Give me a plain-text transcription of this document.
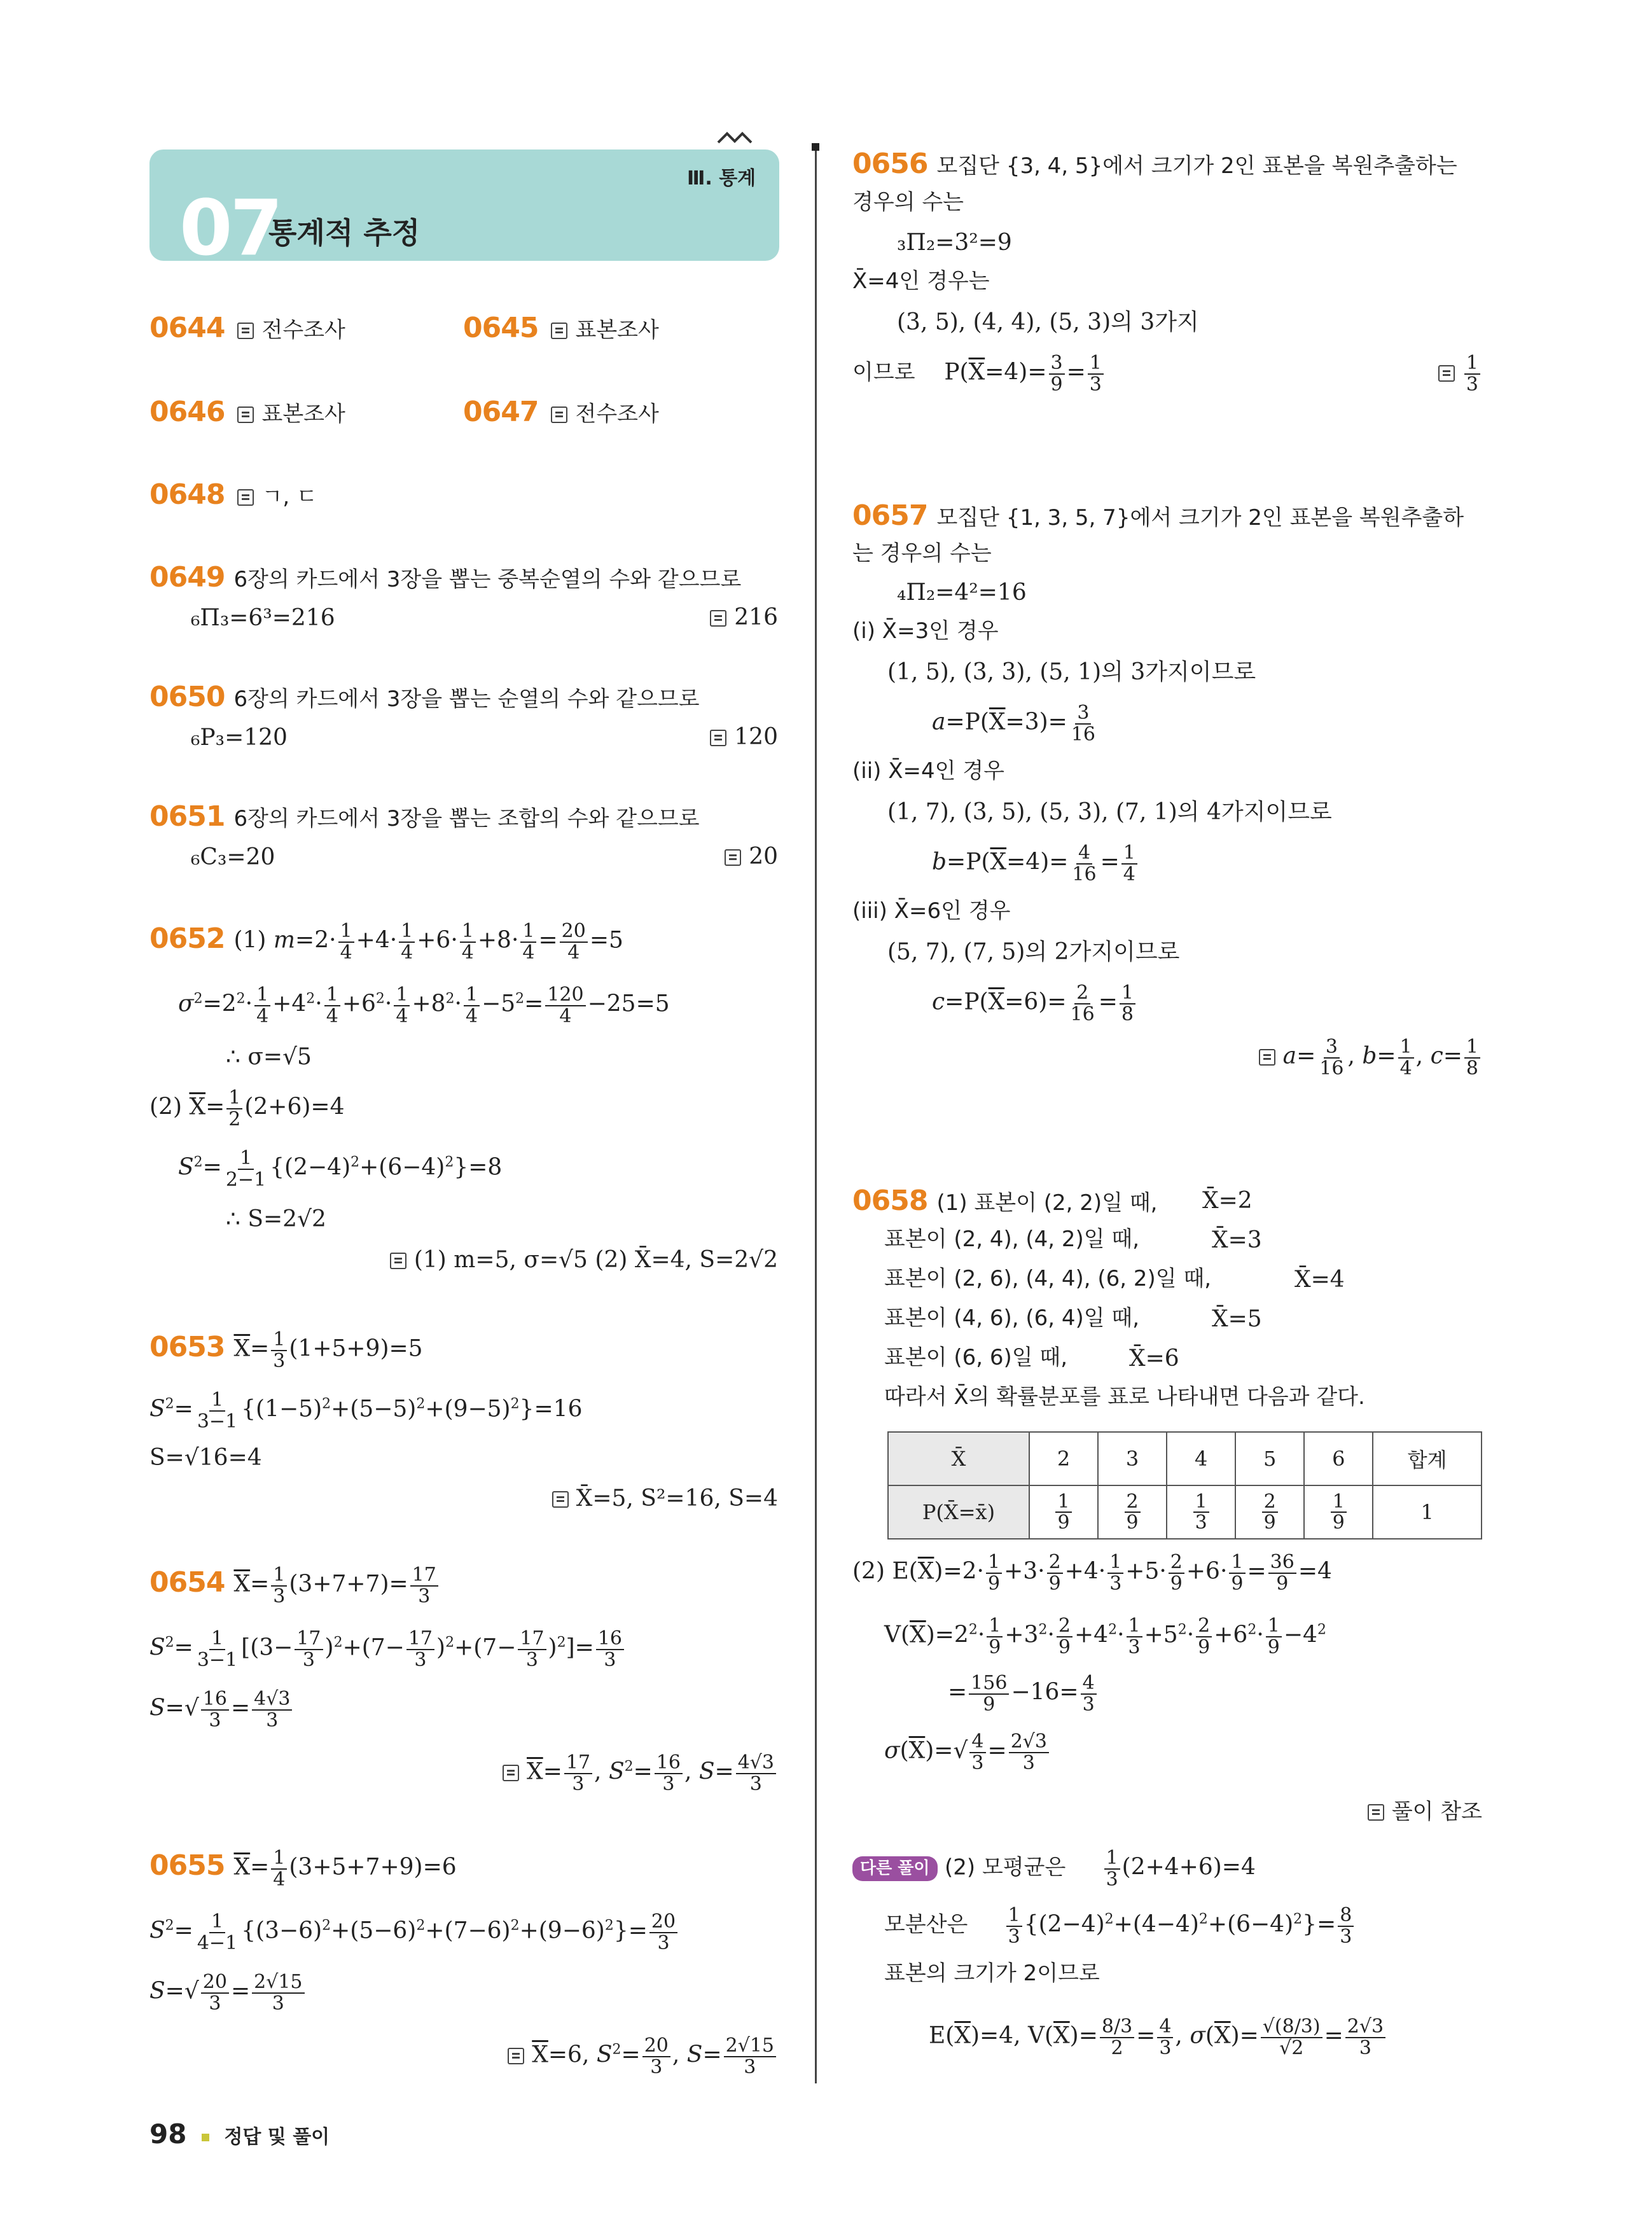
Ⅲ. 통계
07
통계적 추정
0644 전수조사	0645 표본조사
0646 표본조사	0647 전수조사
0648 ㄱ, ㄷ
0649 6장의 카드에서 3장을 뽑는 중복순열의 수와 같으므로
₆Π₃=6³=216	216
0650 6장의 카드에서 3장을 뽑는 순열의 수와 같으므로
₆P₃=120	120
0651 6장의 카드에서 3장을 뽑는 조합의 수와 같으므로
₆C₃=20	20
0652 (1) $m=2\cdot \frac{1}{4} +4\cdot \frac{1}{4} +6\cdot \frac{1}{4} +8\cdot \frac{1}{4} = \frac{20}{4} =5$
$\sigma^2=2^2\cdot \frac{1}{4} +4^2\cdot \frac{1}{4} +6^2\cdot \frac{1}{4} +8^2\cdot \frac{1}{4} -5^2= \frac{120}{4} -25=5$
∴ σ=√5
(2) $\overline{X}= \frac{1}{2} (2+6)=4$
$S^2= \frac{1}{2-1} \{(2-4)^2+(6-4)^2\}=8$
∴ S=2√2
(1) m=5, σ=√5 (2) X̄=4, S=2√2
0653 $\overline{X}= \frac{1}{3} (1+5+9)=5$
$S^2= \frac{1}{3-1} \{(1-5)^2+(5-5)^2+(9-5)^2\}=16$
S=√16=4
X̄=5, S²=16, S=4
0654 $\overline{X}= \frac{1}{3} (3+7+7)= \frac{17}{3}$
$S^2= \frac{1}{3-1} [(3- \frac{17}{3} )^2+(7- \frac{17}{3} )^2+(7- \frac{17}{3} )^2]= \frac{16}{3}$
$S=√ \frac{16}{3} = \frac{4√3}{3}$
$\overline{X}= \frac{17}{3}$ , $S^2= \frac{16}{3}$ , $S= \frac{4√3}{3}$
0655 $\overline{X}= \frac{1}{4} (3+5+7+9)=6$
$S^2= \frac{1}{4-1} \{(3-6)^2+(5-6)^2+(7-6)^2+(9-6)^2\}= \frac{20}{3}$
$S=√ \frac{20}{3} = \frac{2√15}{3}$
$\overline{X}=6$, $S^2= \frac{20}{3}$ , $S= \frac{2√15}{3}$
98 정답 및 풀이
0656 모집단 {3, 4, 5}에서 크기가 2인 표본을 복원추출하는
경우의 수는
₃Π₂=3²=9
X̄=4인 경우는
(3, 5), (4, 4), (5, 3)의 3가지
이므로    $P(\overline{X}=4)= \frac{3}{9} = \frac{1}{3}$	$\frac{1}{3}$
0657 모집단 {1, 3, 5, 7}에서 크기가 2인 표본을 복원추출하
는 경우의 수는
₄Π₂=4²=16
(i) X̄=3인 경우
(1, 5), (3, 3), (5, 1)의 3가지이므로
$a=P(\overline{X}=3)= \frac{3}{16}$
(ii) X̄=4인 경우
(1, 7), (3, 5), (5, 3), (7, 1)의 4가지이므로
$b=P(\overline{X}=4)= \frac{4}{16} = \frac{1}{4}$
(iii) X̄=6인 경우
(5, 7), (7, 5)의 2가지이므로
$c=P(\overline{X}=6)= \frac{2}{16} = \frac{1}{8}$
$a= \frac{3}{16}$ , $b= \frac{1}{4}$ , $c= \frac{1}{8}$
0658 (1) 표본이 (2, 2)일 때, X̄=2
표본이 (2, 4), (4, 2)일 때,	X̄=3
표본이 (2, 6), (4, 4), (6, 2)일 때,	X̄=4
표본이 (4, 6), (6, 4)일 때,	X̄=5
표본이 (6, 6)일 때,	X̄=6
따라서 X̄의 확률분포를 표로 나타내면 다음과 같다.
X̄	2	3	4	5	6	합계
P(X̄=x̄)	$\frac{1}{9}$	$\frac{2}{9}$	$\frac{1}{3}$	$\frac{2}{9}$	$\frac{1}{9}$	1
(2) $E(\overline{X})=2\cdot \frac{1}{9} +3\cdot \frac{2}{9} +4\cdot \frac{1}{3} +5\cdot \frac{2}{9} +6\cdot \frac{1}{9} = \frac{36}{9} =4$
$V(\overline{X})=2^2\cdot \frac{1}{9} +3^2\cdot \frac{2}{9} +4^2\cdot \frac{1}{3} +5^2\cdot \frac{2}{9} +6^2\cdot \frac{1}{9} -4^2$
= $\frac{156}{9} -16= \frac{4}{3}$
$\sigma(\overline{X})=√ \frac{4}{3} = \frac{2√3}{3}$
풀이 참조
다른 풀이 (2) 모평균은 $\frac{1}{3} (2+4+6)=4$
모분산은 $\frac{1}{3} \{(2-4)^2+(4-4)^2+(6-4)^2\}= \frac{8}{3}$
표본의 크기가 2이므로
$E(\overline{X})=4$, $V(\overline{X})= \frac{8/3}{2} = \frac{4}{3}$ , $\sigma(\overline{X})= \frac{√(8/3)}{√2} = \frac{2√3}{3}$
